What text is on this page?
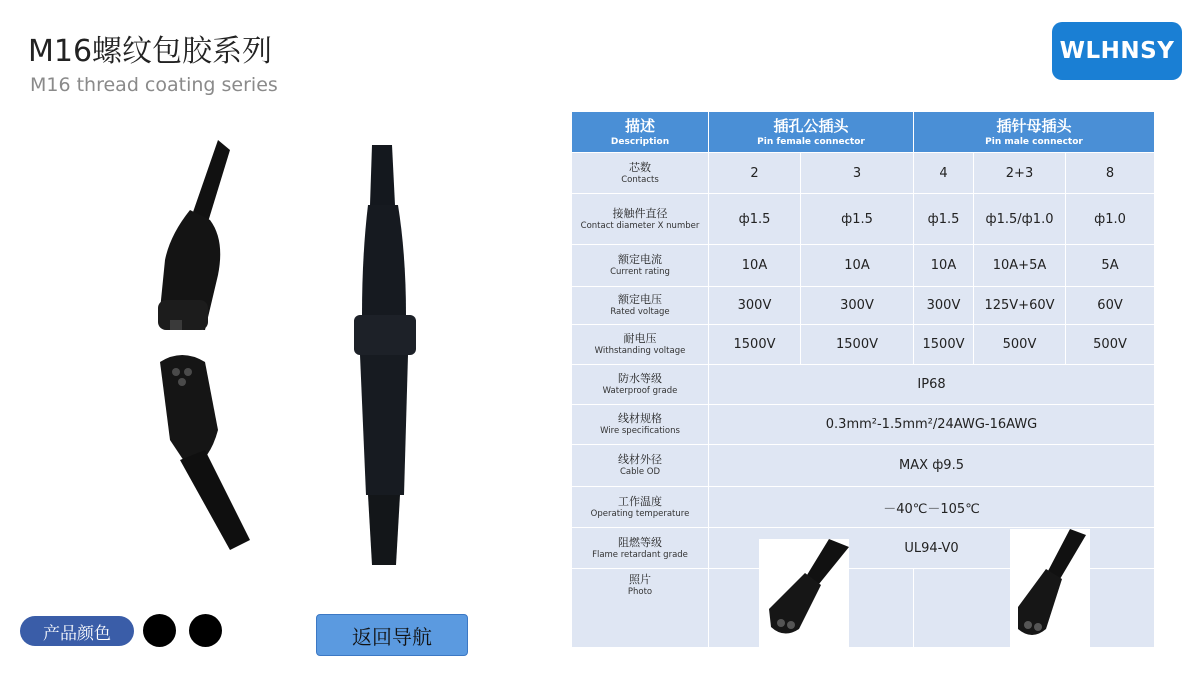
M16螺纹包胶系列
M16 thread coating series
WLHNSY
产品颜色	返回导航
描述
Description	插孔公插头
Pin female connector		插针母插头
Pin male connector		

芯数
Contacts	2	3	4	2+3	8

接触件直径
Contact diameter X number	ф1.5	ф1.5	ф1.5	ф1.5/ф1.0	ф1.0

额定电流
Current rating	10A	10A	10A	10A+5A	5A

额定电压
Rated voltage	300V	300V	300V	125V+60V	60V

耐电压
Withstanding voltage	1500V	1500V	1500V	500V	500V

防水等级
Waterproof grade	IP68				

线材规格
Wire specifications	0.3mm²-1.5mm²/24AWG-16AWG				

线材外径
Cable OD	MAX ф9.5				

工作温度
Operating temperature	－40℃－105℃				

阻燃等级
Flame retardant grade	UL94-V0				

照片
Photo
